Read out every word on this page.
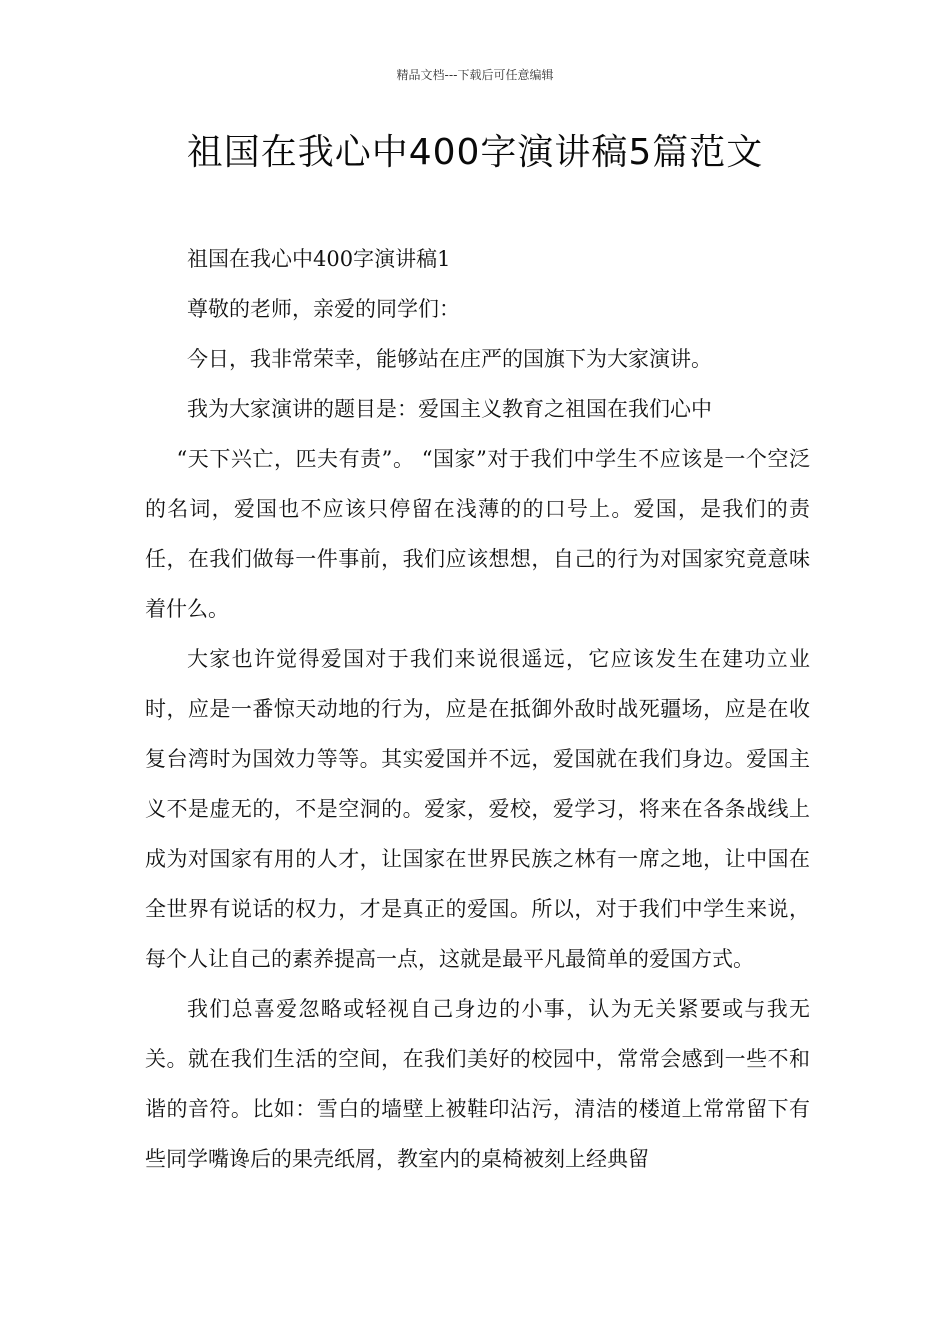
精品文档---下载后可任意编辑
祖国在我心中400字演讲稿5篇范文

祖国在我心中400字演讲稿1

尊敬的老师，亲爱的同学们：

今日，我非常荣幸，能够站在庄严的国旗下为大家演讲。

我为大家演讲的题目是：爱国主义教育之祖国在我们心中

“天下兴亡，匹夫有责”。 “国家”对于我们中学生不应该是一个空泛的名词，爱国也不应该只停留在浅薄的的口号上。爱国，是我们的责任，在我们做每一件事前，我们应该想想，自己的行为对国家究竟意味着什么。

大家也许觉得爱国对于我们来说很遥远，它应该发生在建功立业时，应是一番惊天动地的行为，应是在抵御外敌时战死疆场，应是在收复台湾时为国效力等等。其实爱国并不远，爱国就在我们身边。爱国主义不是虚无的，不是空洞的。爱家，爱校，爱学习，将来在各条战线上成为对国家有用的人才，让国家在世界民族之林有一席之地，让中国在全世界有说话的权力，才是真正的爱国。所以，对于我们中学生来说，每个人让自己的素养提高一点，这就是最平凡最简单的爱国方式。

我们总喜爱忽略或轻视自己身边的小事，认为无关紧要或与我无关。就在我们生活的空间，在我们美好的校园中，常常会感到一些不和谐的音符。比如：雪白的墙壁上被鞋印沾污，清洁的楼道上常常留下有些同学嘴谗后的果壳纸屑，教室内的桌椅被刻上经典留
